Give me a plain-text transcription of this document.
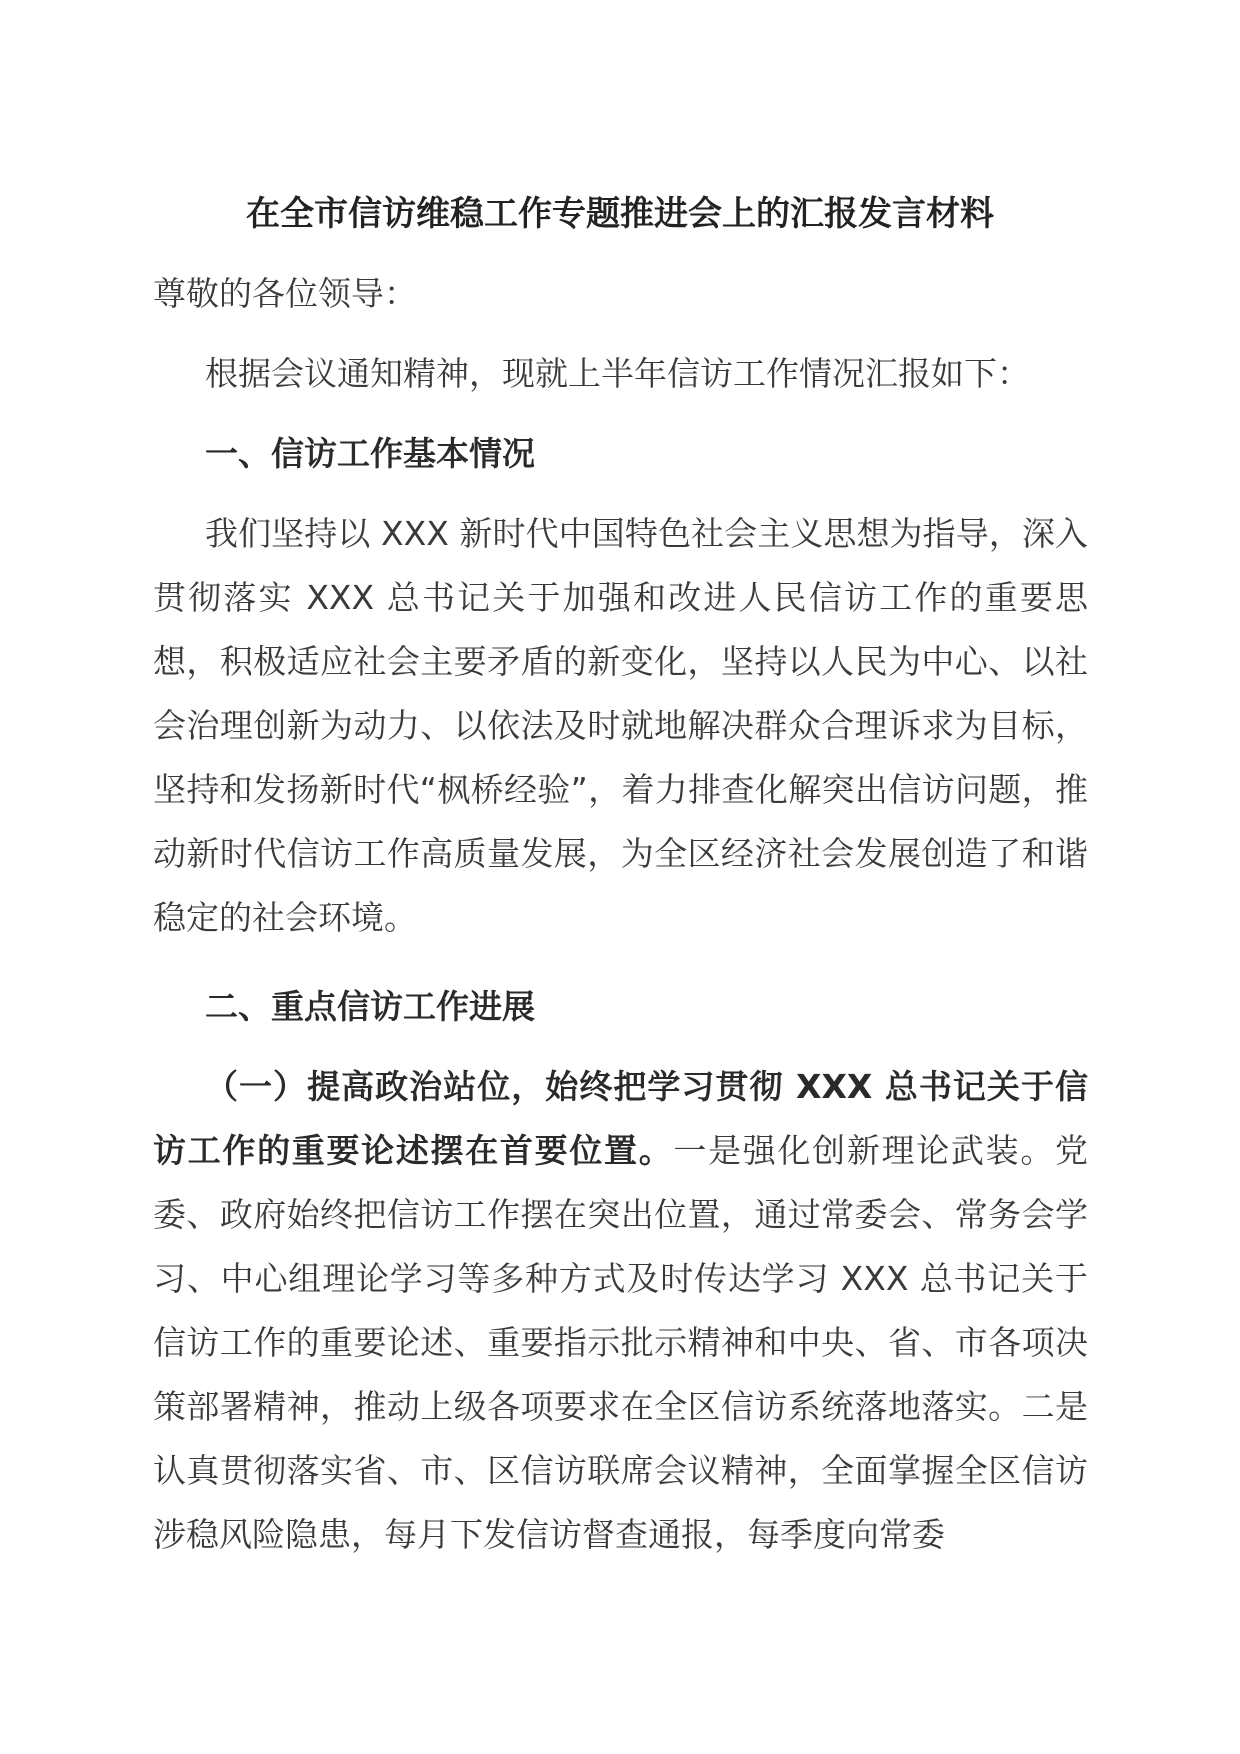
在全市信访维稳工作专题推进会上的汇报发言材料

尊敬的各位领导：

根据会议通知精神，现就上半年信访工作情况汇报如下：

一、信访工作基本情况

我们坚持以 XXX 新时代中国特色社会主义思想为指导，深入贯彻落实 XXX 总书记关于加强和改进人民信访工作的重要思想，积极适应社会主要矛盾的新变化，坚持以人民为中心、以社会治理创新为动力、以依法及时就地解决群众合理诉求为目标，坚持和发扬新时代“枫桥经验”，着力排查化解突出信访问题，推动新时代信访工作高质量发展，为全区经济社会发展创造了和谐稳定的社会环境。

二、重点信访工作进展

（一）提高政治站位，始终把学习贯彻 XXX 总书记关于信访工作的重要论述摆在首要位置。一是强化创新理论武装。党委、政府始终把信访工作摆在突出位置，通过常委会、常务会学习、中心组理论学习等多种方式及时传达学习 XXX 总书记关于信访工作的重要论述、重要指示批示精神和中央、省、市各项决策部署精神，推动上级各项要求在全区信访系统落地落实。二是认真贯彻落实省、市、区信访联席会议精神，全面掌握全区信访涉稳风险隐患，每月下发信访督查通报，每季度向常委
